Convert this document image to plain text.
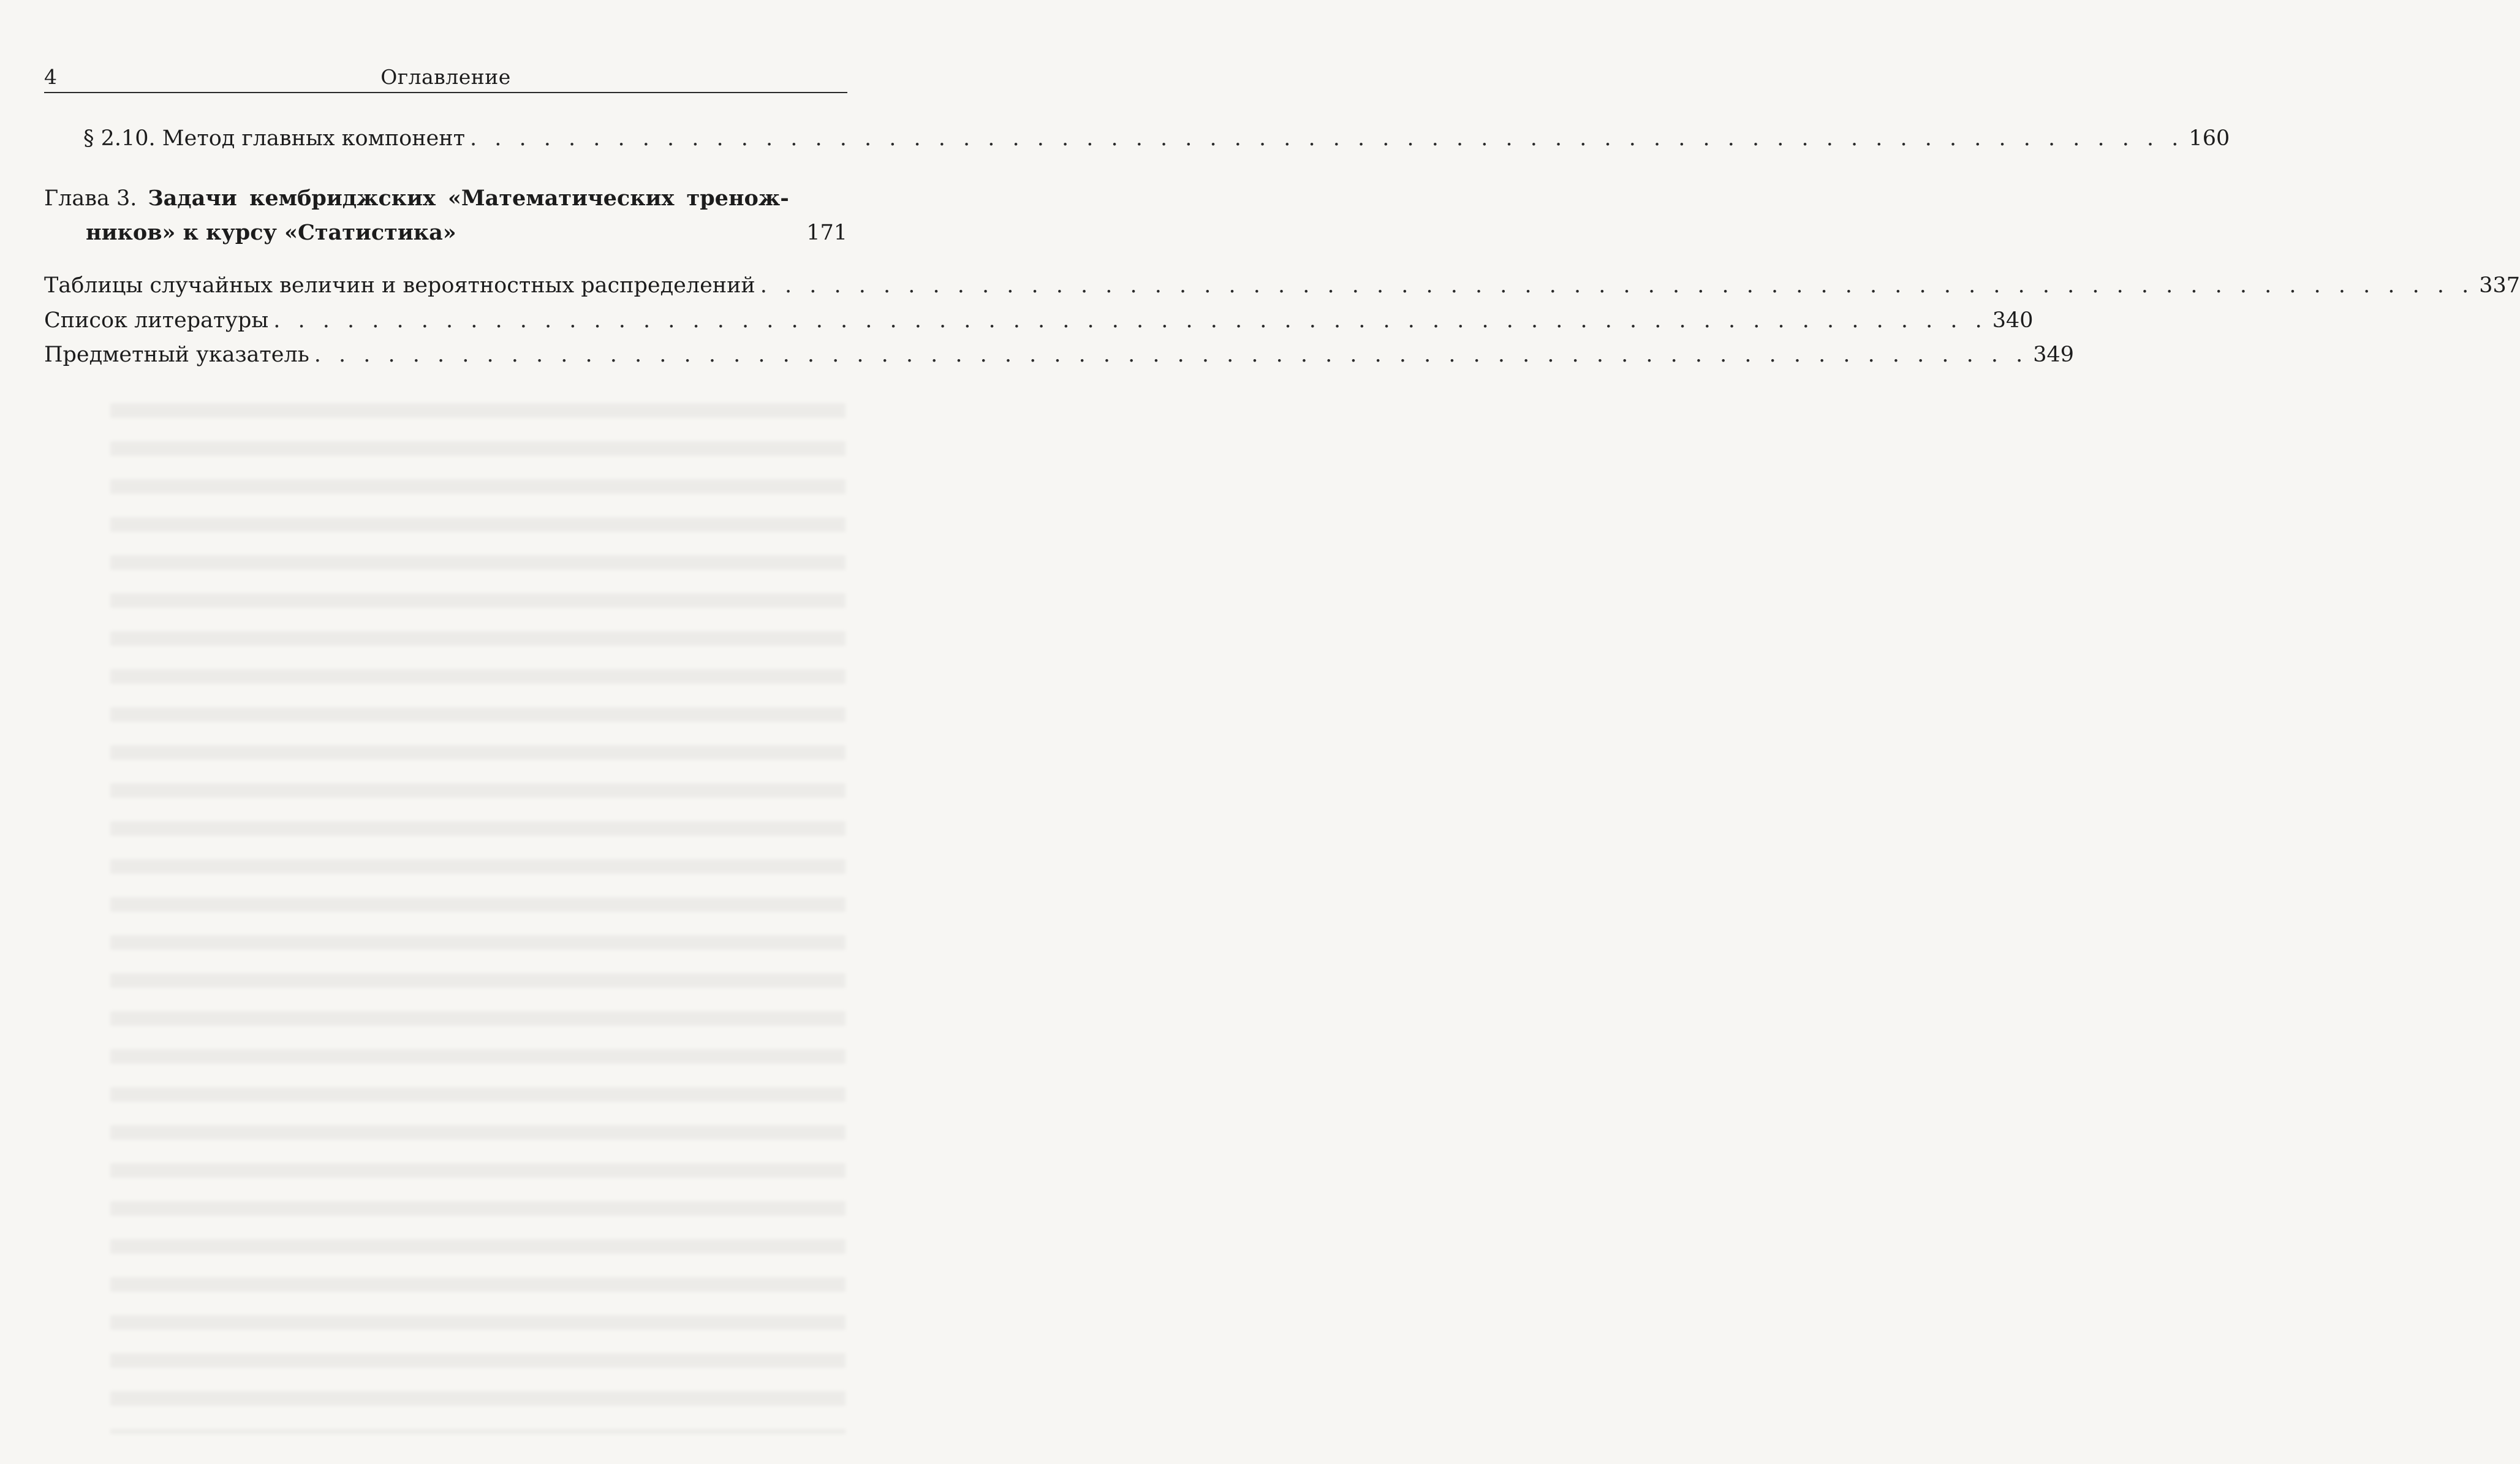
4	Оглавление
§ 2.10. Метод главных компонент . . . . . . . . . . . . . . . . . . . . . . . . . . . . . . . . . . . . . . . . . . . . . . . . . . . . . . . . . . . . . . . . . . . . . . 160
Глава 3. Задачи кембриджских «Математических тренож-
ников» к курсу «Статистика»	171
Таблицы случайных величин и вероятностных распределений . . . . . . . . . . . . . . . . . . . . . . . . . . . . . . . . . . . . . . . . . . . . . . . . . . . . . . . . . . . . . . . . . . . . . . 337
Список литературы . . . . . . . . . . . . . . . . . . . . . . . . . . . . . . . . . . . . . . . . . . . . . . . . . . . . . . . . . . . . . . . . . . . . . . 340
Предметный указатель . . . . . . . . . . . . . . . . . . . . . . . . . . . . . . . . . . . . . . . . . . . . . . . . . . . . . . . . . . . . . . . . . . . . . . 349
